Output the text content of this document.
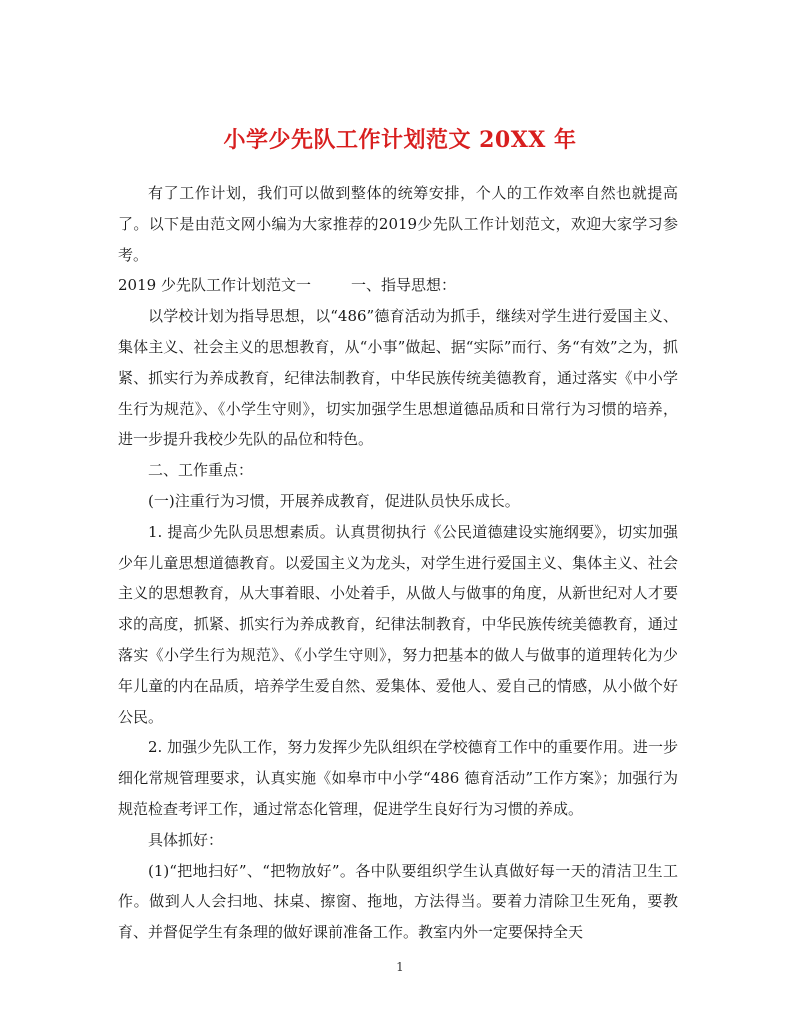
小学少先队工作计划范文 20XX 年

有了工作计划，我们可以做到整体的统筹安排，个人的工作效率自然也就提高了。以下是由范文网小编为大家推荐的2019少先队工作计划范文，欢迎大家学习参考。

2019 少先队工作计划范文一	一、指导思想：

以学校计划为指导思想，以“486”德育活动为抓手，继续对学生进行爱国主义、集体主义、社会主义的思想教育，从“小事”做起、据“实际”而行、务“有效”之为，抓紧、抓实行为养成教育，纪律法制教育，中华民族传统美德教育，通过落实《中小学生行为规范》、《小学生守则》，切实加强学生思想道德品质和日常行为习惯的培养，进一步提升我校少先队的品位和特色。

二、工作重点：

(一)注重行为习惯，开展养成教育，促进队员快乐成长。

1. 提高少先队员思想素质。认真贯彻执行《公民道德建设实施纲要》，切实加强少年儿童思想道德教育。以爱国主义为龙头，对学生进行爱国主义、集体主义、社会主义的思想教育，从大事着眼、小处着手，从做人与做事的角度，从新世纪对人才要求的高度，抓紧、抓实行为养成教育，纪律法制教育，中华民族传统美德教育，通过落实《小学生行为规范》、《小学生守则》，努力把基本的做人与做事的道理转化为少年儿童的内在品质，培养学生爱自然、爱集体、爱他人、爱自己的情感，从小做个好公民。

2. 加强少先队工作，努力发挥少先队组织在学校德育工作中的重要作用。进一步细化常规管理要求，认真实施《如皋市中小学“486 德育活动”工作方案》；加强行为规范检查考评工作，通过常态化管理，促进学生良好行为习惯的养成。

具体抓好：

(1)“把地扫好”、“把物放好”。各中队要组织学生认真做好每一天的清洁卫生工作。做到人人会扫地、抹桌、擦窗、拖地，方法得当。要着力清除卫生死角，要教育、并督促学生有条理的做好课前准备工作。教室内外一定要保持全天

1
